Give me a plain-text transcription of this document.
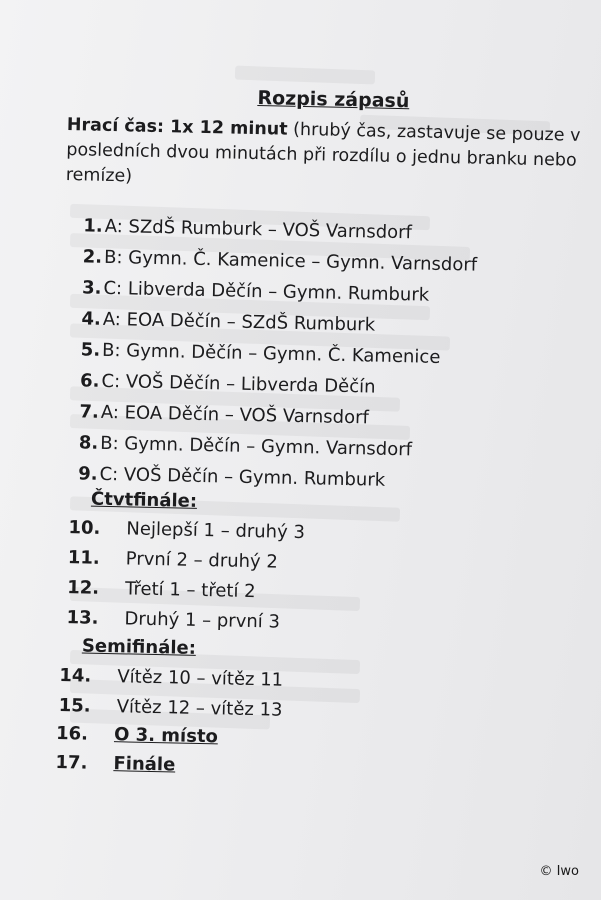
Rozpis zápasů
Hrací čas: 1x 12 minut (hrubý čas, zastavuje se pouze v posledních dvou minutách při rozdílu o jednu branku nebo remíze)
1.A: SZdŠ Rumburk – VOŠ Varnsdorf
2.B: Gymn. Č. Kamenice – Gymn. Varnsdorf
3.C: Libverda Děčín – Gymn. Rumburk
4.A: EOA Děčín – SZdŠ Rumburk
5.B: Gymn. Děčín – Gymn. Č. Kamenice
6.C: VOŠ Děčín – Libverda Děčín
7.A: EOA Děčín – VOŠ Varnsdorf
8.B: Gymn. Děčín – Gymn. Varnsdorf
9.C: VOŠ Děčín – Gymn. Rumburk
Čtvtfinále:
10. Nejlepší 1 – druhý 3
11. První 2 – druhý 2
12. Třetí 1 – třetí 2
13. Druhý 1 – první 3
Semifinále:
14. Vítěz 10 – vítěz 11
15. Vítěz 12 – vítěz 13
16. O 3. místo
17. Finále
© Iwo
